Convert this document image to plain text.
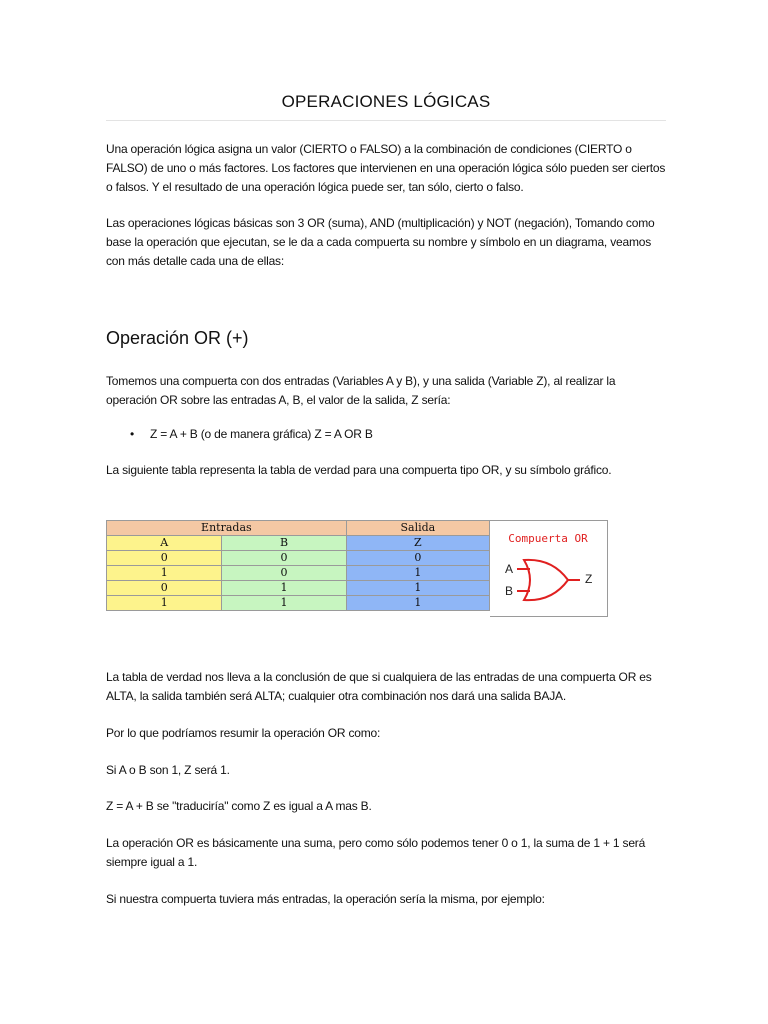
OPERACIONES LÓGICAS
Una operación lógica asigna un valor (CIERTO o FALSO) a la combinación de condiciones (CIERTO o FALSO) de uno o más factores. Los factores que intervienen en una operación lógica sólo pueden ser ciertos o falsos. Y el resultado de una operación lógica puede ser, tan sólo, cierto o falso.
Las operaciones lógicas básicas son 3 OR (suma), AND (multiplicación) y NOT (negación), Tomando como base la operación que ejecutan, se le da a cada compuerta su nombre y símbolo en un diagrama, veamos con más detalle cada una de ellas:
Operación OR (+)
Tomemos una compuerta con dos entradas (Variables A y B), y una salida (Variable Z), al realizar la operación OR sobre las entradas A, B, el valor de la salida, Z sería:
• Z = A + B (o de manera gráfica) Z = A OR B
La siguiente tabla representa la tabla de verdad para una compuerta tipo OR, y su símbolo gráfico.
Entradas		Salida
A	B	Z
0	0	0
1	0	1
0	1	1
1	1	1
Compuerta OR
A
B
Z
La tabla de verdad nos lleva a la conclusión de que si cualquiera de las entradas de una compuerta OR es ALTA, la salida también será ALTA; cualquier otra combinación nos dará una salida BAJA.
Por lo que podríamos resumir la operación OR como:
Si A o B son 1, Z será 1.
Z = A + B se "traduciría" como Z es igual a A mas B.
La operación OR es básicamente una suma, pero como sólo podemos tener 0 o 1, la suma de 1 + 1 será siempre igual a 1.
Si nuestra compuerta tuviera más entradas, la operación sería la misma, por ejemplo:
